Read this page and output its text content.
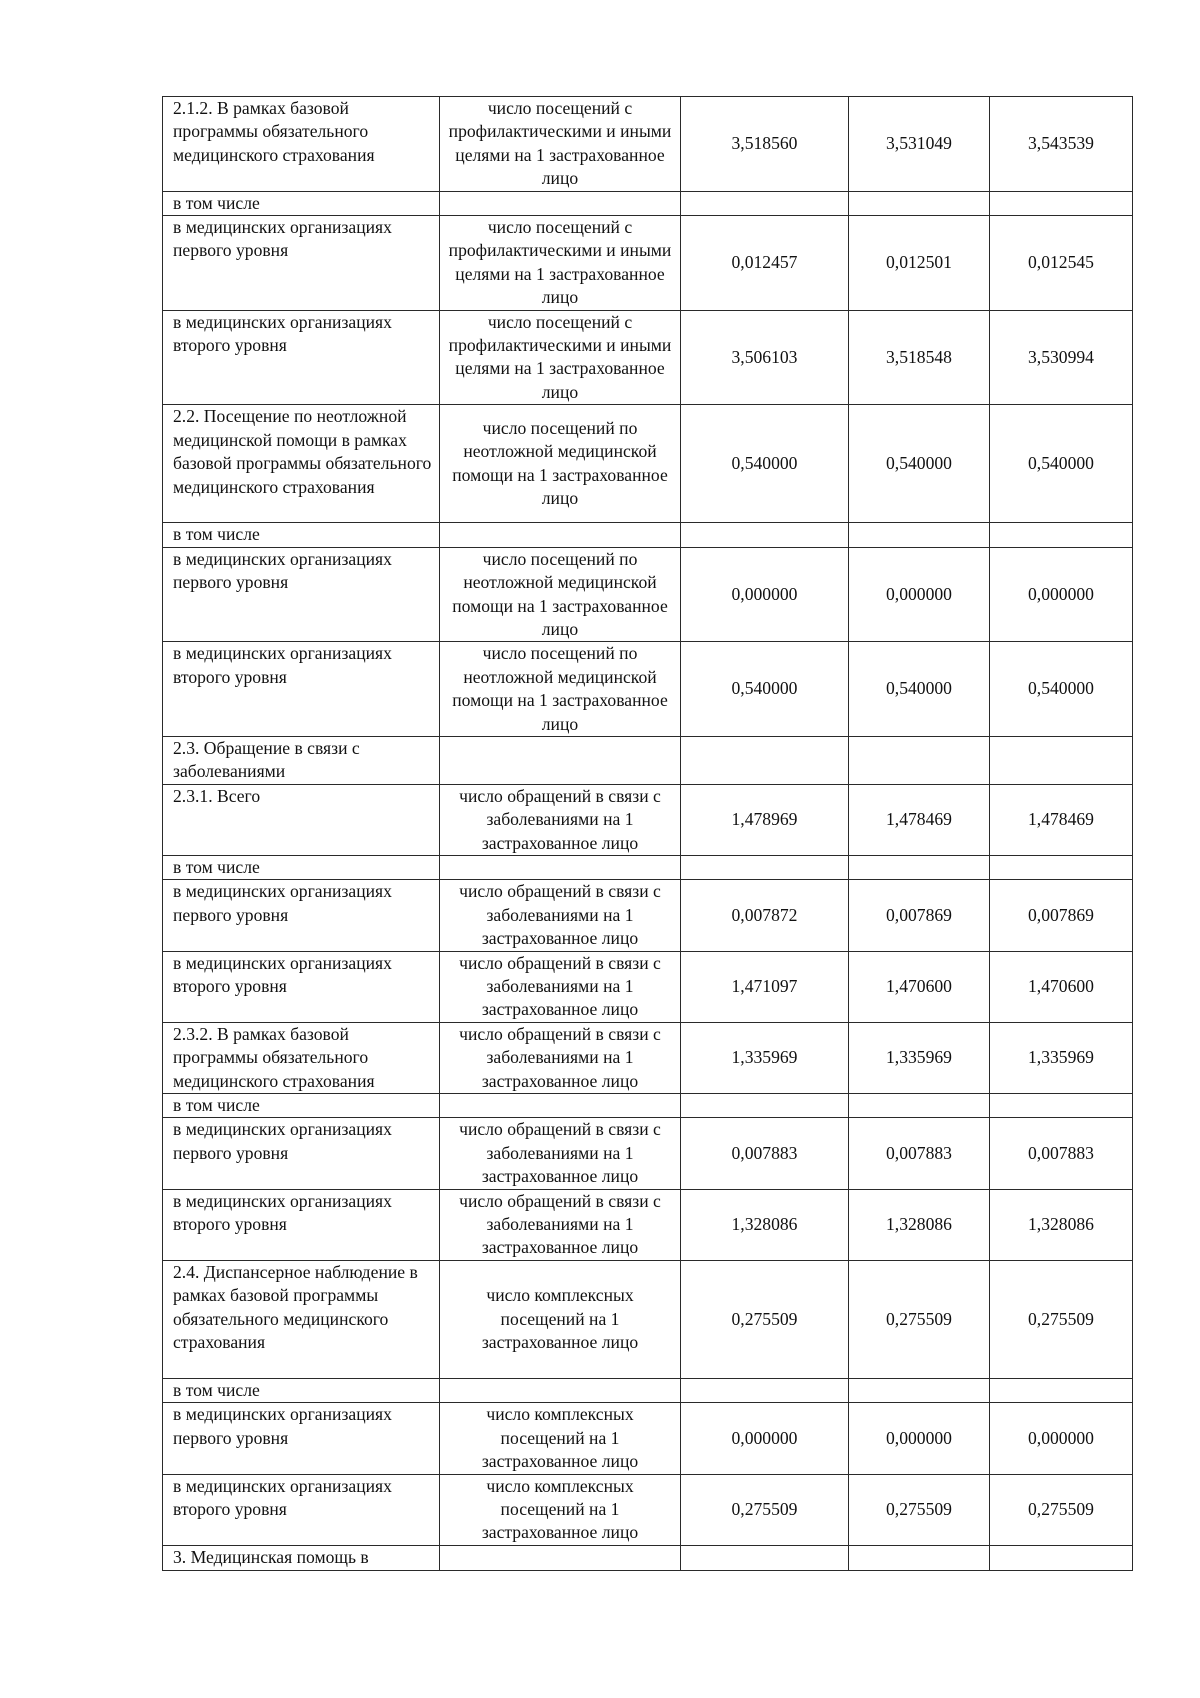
2.1.2. В рамках базовой программы обязательного медицинского страхования	число посещений с профилактическими и иными целями на 1 застрахованное лицо	3,518560	3,531049	3,543539
в том числе				
в медицинских организациях первого уровня	число посещений с профилактическими и иными целями на 1 застрахованное лицо	0,012457	0,012501	0,012545
в медицинских организациях второго уровня	число посещений с профилактическими и иными целями на 1 застрахованное лицо	3,506103	3,518548	3,530994
2.2. Посещение по неотложной медицинской помощи в рамках базовой программы обязательного медицинского страхования	число посещений по неотложной медицинской помощи на 1 застрахованное лицо	0,540000	0,540000	0,540000
в том числе				
в медицинских организациях первого уровня	число посещений по неотложной медицинской помощи на 1 застрахованное лицо	0,000000	0,000000	0,000000
в медицинских организациях второго уровня	число посещений по неотложной медицинской помощи на 1 застрахованное лицо	0,540000	0,540000	0,540000
2.3. Обращение в связи с заболеваниями				
2.3.1. Всего	число обращений в связи с заболеваниями на 1 застрахованное лицо	1,478969	1,478469	1,478469
в том числе				
в медицинских организациях первого уровня	число обращений в связи с заболеваниями на 1 застрахованное лицо	0,007872	0,007869	0,007869
в медицинских организациях второго уровня	число обращений в связи с заболеваниями на 1 застрахованное лицо	1,471097	1,470600	1,470600
2.3.2. В рамках базовой программы обязательного медицинского страхования	число обращений в связи с заболеваниями на 1 застрахованное лицо	1,335969	1,335969	1,335969
в том числе				
в медицинских организациях первого уровня	число обращений в связи с заболеваниями на 1 застрахованное лицо	0,007883	0,007883	0,007883
в медицинских организациях второго уровня	число обращений в связи с заболеваниями на 1 застрахованное лицо	1,328086	1,328086	1,328086
2.4. Диспансерное наблюдение в рамках базовой программы обязательного медицинского страхования	число комплексных посещений на 1 застрахованное лицо	0,275509	0,275509	0,275509
в том числе				
в медицинских организациях первого уровня	число комплексных посещений на 1 застрахованное лицо	0,000000	0,000000	0,000000
в медицинских организациях второго уровня	число комплексных посещений на 1 застрахованное лицо	0,275509	0,275509	0,275509
3. Медицинская помощь в				
